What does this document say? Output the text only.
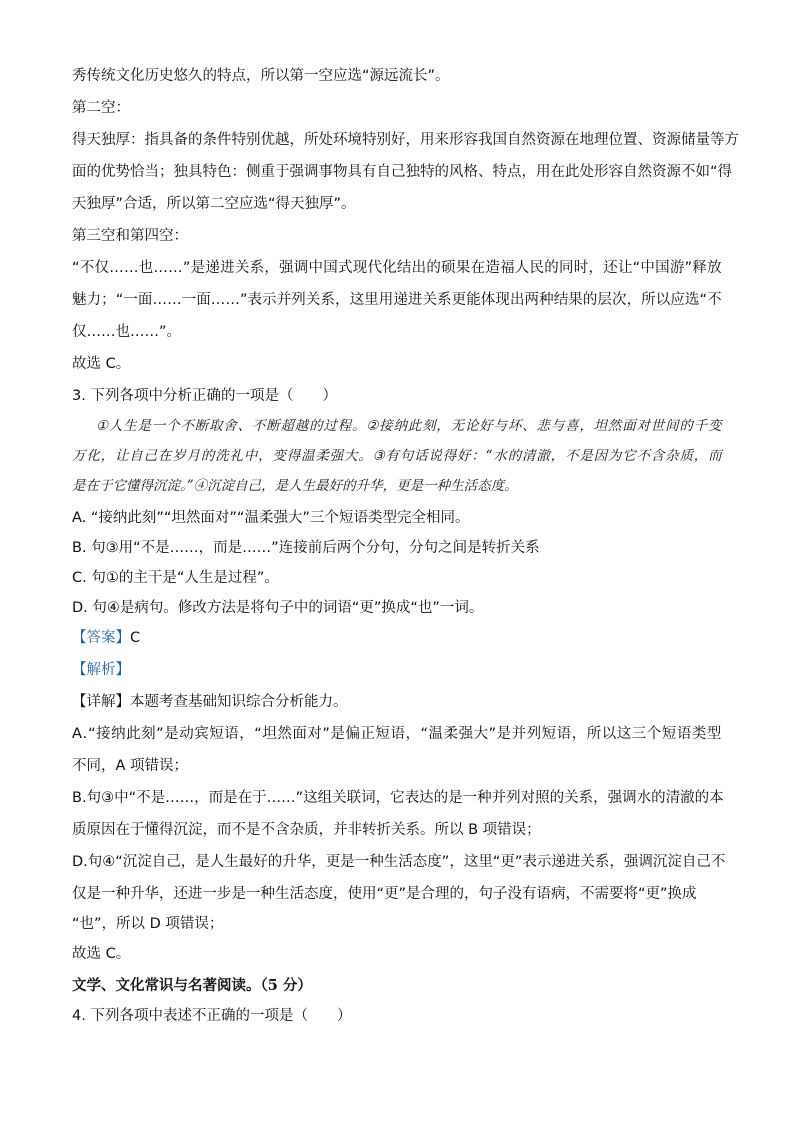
秀传统文化历史悠久的特点，所以第一空应选“源远流长”。
第二空：
得 天 独 厚 ： 指 具 备 的 条 件 特 别 优 越 ， 所 处 环 境 特 别 好 ， 用 来 形 容 我 国 自 然 资 源 在 地 理 位 置 、 资 源 储 量 等 方
面 的 优 势 恰 当 ； 独 具 特 色 ： 侧 重 于 强 调 事 物 具 有 自 己 独 特 的 风 格 、 特 点 ， 用 在 此 处 形 容 自 然 资 源 不 如 “ 得
天独厚”合适，所以第二空应选“得天独厚”。
第三空和第四空：
“ 不 仅 … … 也 … … ” 是 递 进 关 系 ， 强 调 中 国 式 现 代 化 结 出 的 硕 果 在 造 福 人 民 的 同 时 ， 还 让 “ 中 国 游 ” 释 放
魅 力 ； “ 一 面 … … 一 面 … … ” 表 示 并 列 关 系 ， 这 里 用 递 进 关 系 更 能 体 现 出 两 种 结 果 的 层 次 ， 所 以 应 选 “ 不
仅……也……”。
故选 C。
3. 下列各项中分析正确的一项是（　　）
① 人 生 是 一 个 不 断 取 舍 、 不 断 超 越 的 过 程 。 ② 接 纳 此 刻 ， 无 论 好 与 坏 、 悲 与 喜 ， 坦 然 面 对 世 间 的 千 变
万 化 ， 让 自 己 在 岁 月 的 洗 礼 中 ， 变 得 温 柔 强 大 。 ③ 有 句 话 说 得 好 ： “ 水 的 清 澈 ， 不 是 因 为 它 不 含 杂 质 ， 而
是在于它懂得沉淀。”④沉淀自己，是人生最好的升华，更是一种生活态度。
A. “接纳此刻”“坦然面对”“温柔强大”三个短语类型完全相同。
B. 句③用“不是……，而是……”连接前后两个分句，分句之间是转折关系
C. 句①的主干是“人生是过程”。
D. 句④是病句。修改方法是将句子中的词语“更”换成“也”一词。
【答案】C
【解析】
【详解】本题考查基础知识综合分析能力。
A . “ 接 纳 此 刻 ” 是 动 宾 短 语 ， “ 坦 然 面 对 ” 是 偏 正 短 语 ， “ 温 柔 强 大 ” 是 并 列 短 语 ， 所 以 这 三 个 短 语 类 型
不同，A 项错误；
B . 句 ③ 中 “ 不 是 … … ， 而 是 在 于 … … ” 这 组 关 联 词 ， 它 表 达 的 是 一 种 并 列 对 照 的 关 系 ， 强 调 水 的 清 澈 的 本
质原因在于懂得沉淀，而不是不含杂质，并非转折关系。所以 B 项错误；
D . 句 ④ “ 沉 淀 自 己 ， 是 人 生 最 好 的 升 华 ， 更 是 一 种 生 活 态 度 ” ， 这 里 “ 更 ” 表 示 递 进 关 系 ， 强 调 沉 淀 自 己 不
仅是一种升华，还进一步是一种生活态度，使用“更”是合理的，句子没有语病，不需要将“更”换成
“也”，所以 D 项错误；
故选 C。
文学、文化常识与名著阅读。（5 分）
4. 下列各项中表述不正确的一项是（　　）
